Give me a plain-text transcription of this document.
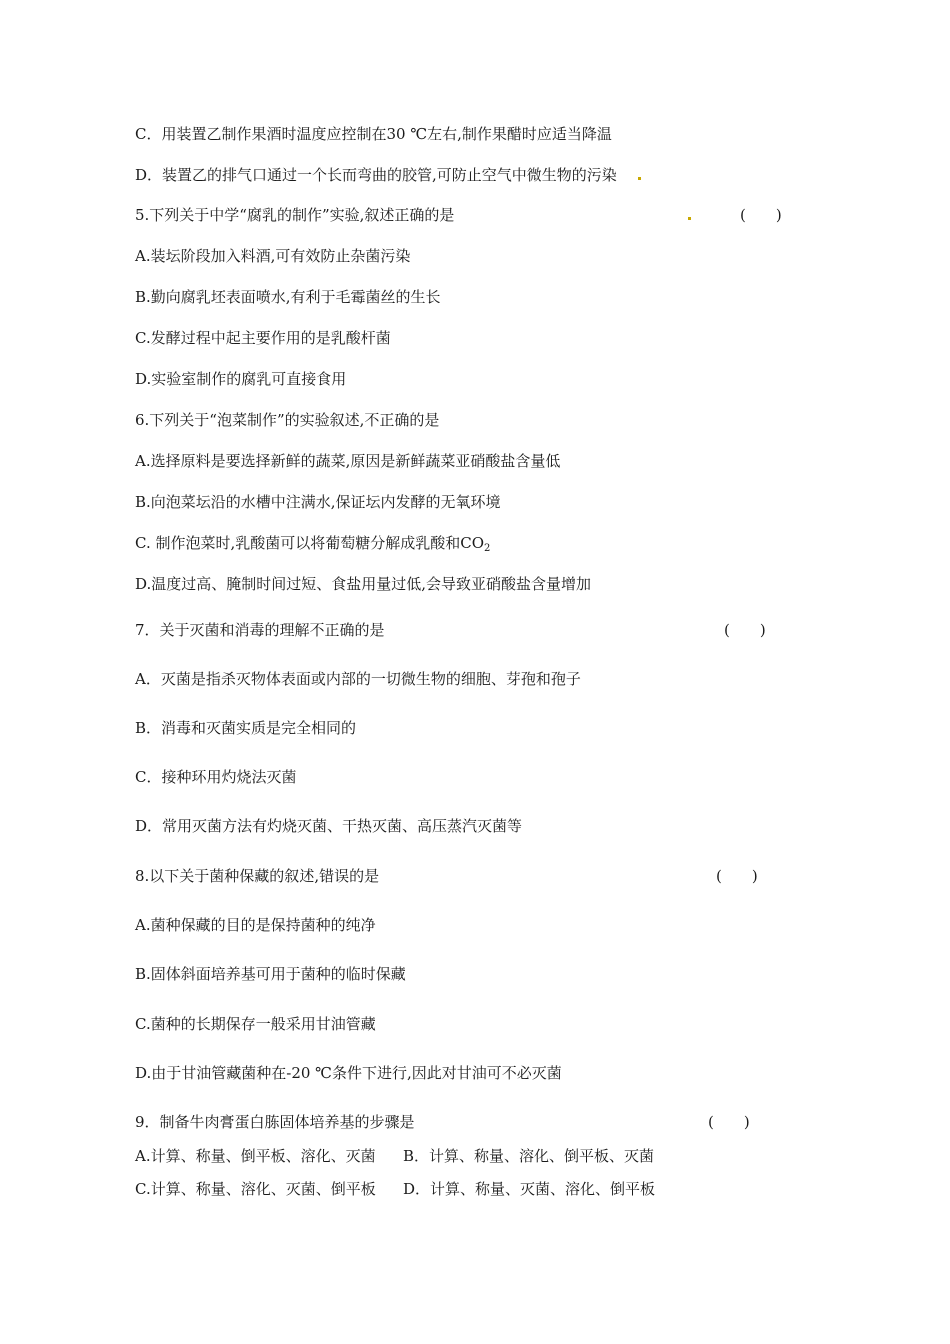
C．用装置乙制作果酒时温度应控制在30 ℃左右,制作果醋时应适当降温
D．装置乙的排气口通过一个长而弯曲的胶管,可防止空气中微生物的污染
5.下列关于中学“腐乳的制作”实验,叙述正确的是	(　　)
A.装坛阶段加入料酒,可有效防止杂菌污染
B.勤向腐乳坯表面喷水,有利于毛霉菌丝的生长
C.发酵过程中起主要作用的是乳酸杆菌
D.实验室制作的腐乳可直接食用
6.下列关于“泡菜制作”的实验叙述,不正确的是
A.选择原料是要选择新鲜的蔬菜,原因是新鲜蔬菜亚硝酸盐含量低
B.向泡菜坛沿的水槽中注满水,保证坛内发酵的无氧环境
C. 制作泡菜时,乳酸菌可以将葡萄糖分解成乳酸和$CO_2$
D.温度过高、腌制时间过短、食盐用量过低,会导致亚硝酸盐含量增加
7．关于灭菌和消毒的理解不正确的是	(　　)
A．灭菌是指杀灭物体表面或内部的一切微生物的细胞、芽孢和孢子
B．消毒和灭菌实质是完全相同的
C．接种环用灼烧法灭菌
D．常用灭菌方法有灼烧灭菌、干热灭菌、高压蒸汽灭菌等
8.以下关于菌种保藏的叙述,错误的是	(　　)
A.菌种保藏的目的是保持菌种的纯净
B.固体斜面培养基可用于菌种的临时保藏
C.菌种的长期保存一般采用甘油管藏
D.由于甘油管藏菌种在-20 ℃条件下进行,因此对甘油可不必灭菌
9．制备牛肉膏蛋白胨固体培养基的步骤是	(　　)
A.计算、称量、倒平板、溶化、灭菌 B．计算、称量、溶化、倒平板、灭菌
C.计算、称量、溶化、灭菌、倒平板 D．计算、称量、灭菌、溶化、倒平板
